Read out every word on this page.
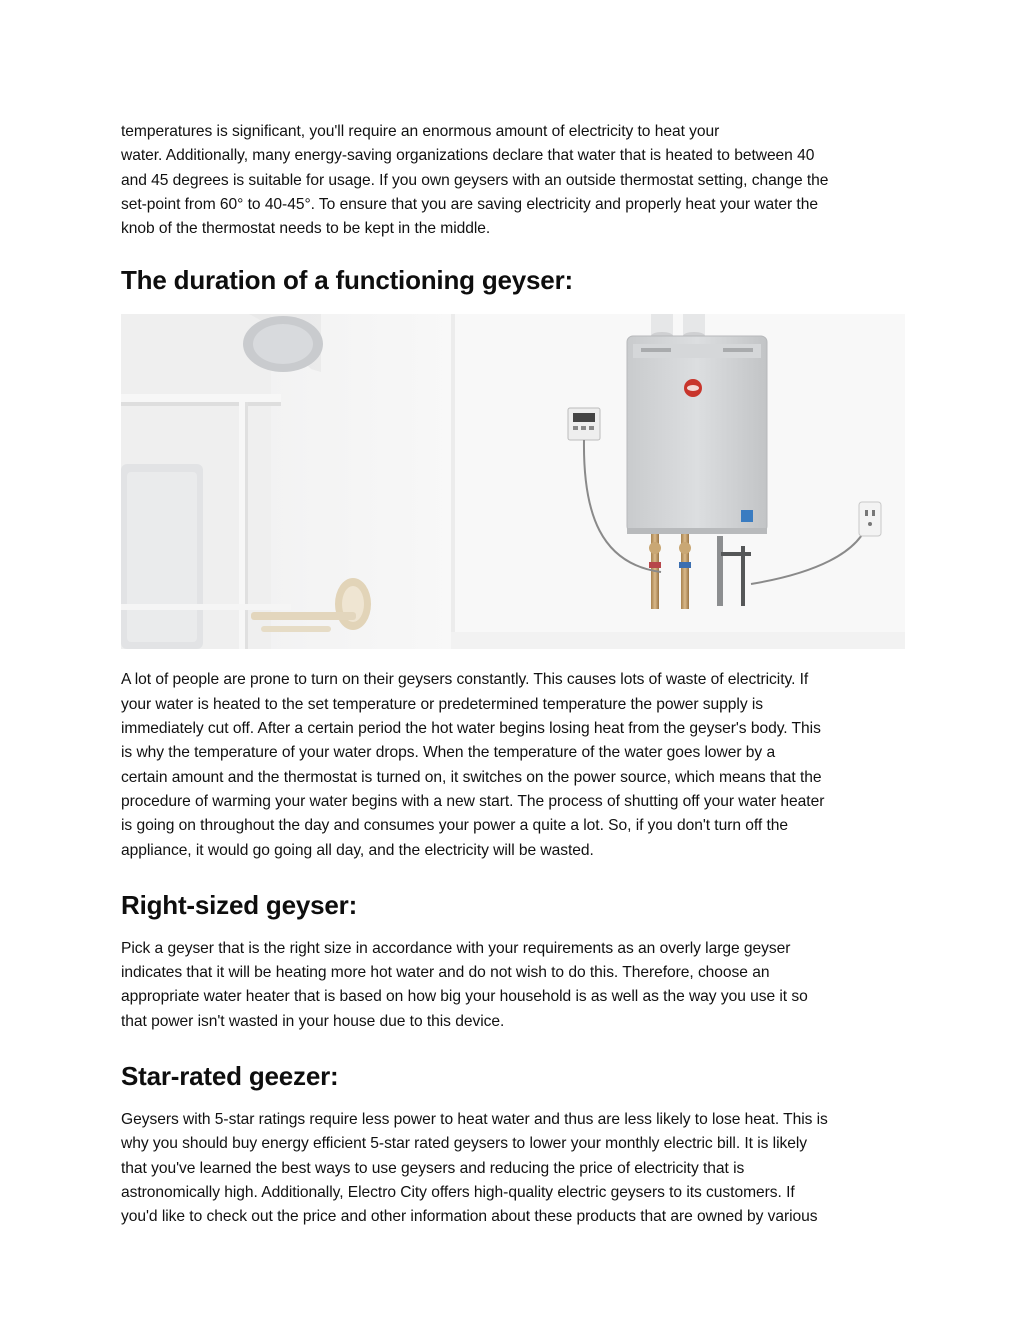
temperatures is significant, you'll require an enormous amount of electricity to heat your
water. Additionally, many energy-saving organizations declare that water that is heated to between 40
and 45 degrees is suitable for usage. If you own geysers with an outside thermostat setting, change the
set-point from 60° to 40-45°. To ensure that you are saving electricity and properly heat your water the
knob of the thermostat needs to be kept in the middle.

The duration of a functioning geyser:

A lot of people are prone to turn on their geysers constantly. This causes lots of waste of electricity. If
your water is heated to the set temperature or predetermined temperature the power supply is
immediately cut off. After a certain period the hot water begins losing heat from the geyser's body. This
is why the temperature of your water drops. When the temperature of the water goes lower by a
certain amount and the thermostat is turned on, it switches on the power source, which means that the
procedure of warming your water begins with a new start. The process of shutting off your water heater
is going on throughout the day and consumes your power a quite a lot. So, if you don't turn off the
appliance, it would go going all day, and the electricity will be wasted.

Right-sized geyser:

Pick a geyser that is the right size in accordance with your requirements as an overly large geyser
indicates that it will be heating more hot water and do not wish to do this. Therefore, choose an
appropriate water heater that is based on how big your household is as well as the way you use it so
that power isn't wasted in your house due to this device.

Star-rated geezer:

Geysers with 5-star ratings require less power to heat water and thus are less likely to lose heat. This is
why you should buy energy efficient 5-star rated geysers to lower your monthly electric bill. It is likely
that you've learned the best ways to use geysers and reducing the price of electricity that is
astronomically high. Additionally, Electro City offers high-quality electric geysers to its customers. If
you'd like to check out the price and other information about these products that are owned by various
